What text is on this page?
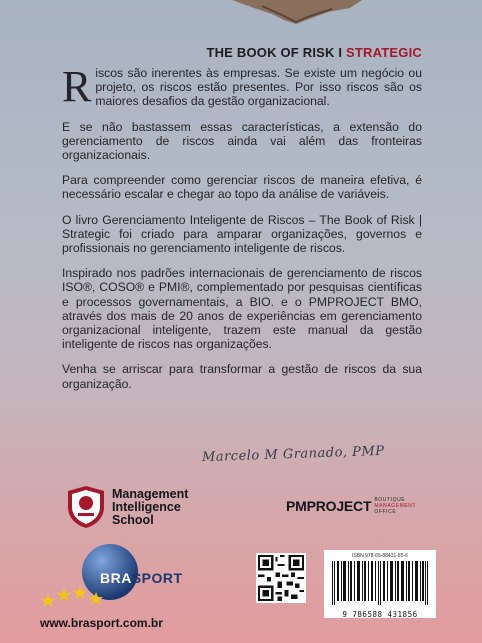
THE BOOK OF RISK I STRATEGIC

Riscos são inerentes às empresas. Se existe um negócio ou projeto, os riscos estão presentes. Por isso riscos são os maiores desafios da gestão organizacional.

E se não bastassem essas características, a extensão do gerenciamento de riscos ainda vai além das fronteiras organizacionais.

Para compreender como gerenciar riscos de maneira efetiva, é necessário escalar e chegar ao topo da análise de variáveis.

O livro Gerenciamento Inteligente de Riscos – The Book of Risk | Strategic foi criado para amparar organizações, governos e profissionais no gerenciamento inteligente de riscos.

Inspirado nos padrões internacionais de gerenciamento de riscos ISO®, COSO® e PMI®, complementado por pesquisas científicas e processos governamentais, a BIO. e o PMPROJECT BMO, através dos mais de 20 anos de experiências em gerenciamento organizacional inteligente, trazem este manual da gestão inteligente de riscos nas organizações.

Venha se arriscar para transformar a gestão de riscos da sua organização.

Marcelo M Granado, PMP
Management
Intelligence
School
PMPROJECT BOUTIQUE
MANAGEMENT
OFFICE
BRASPORT
www.brasport.com.br
ISBN 978-65-88431-85-6
9 786588 431856
